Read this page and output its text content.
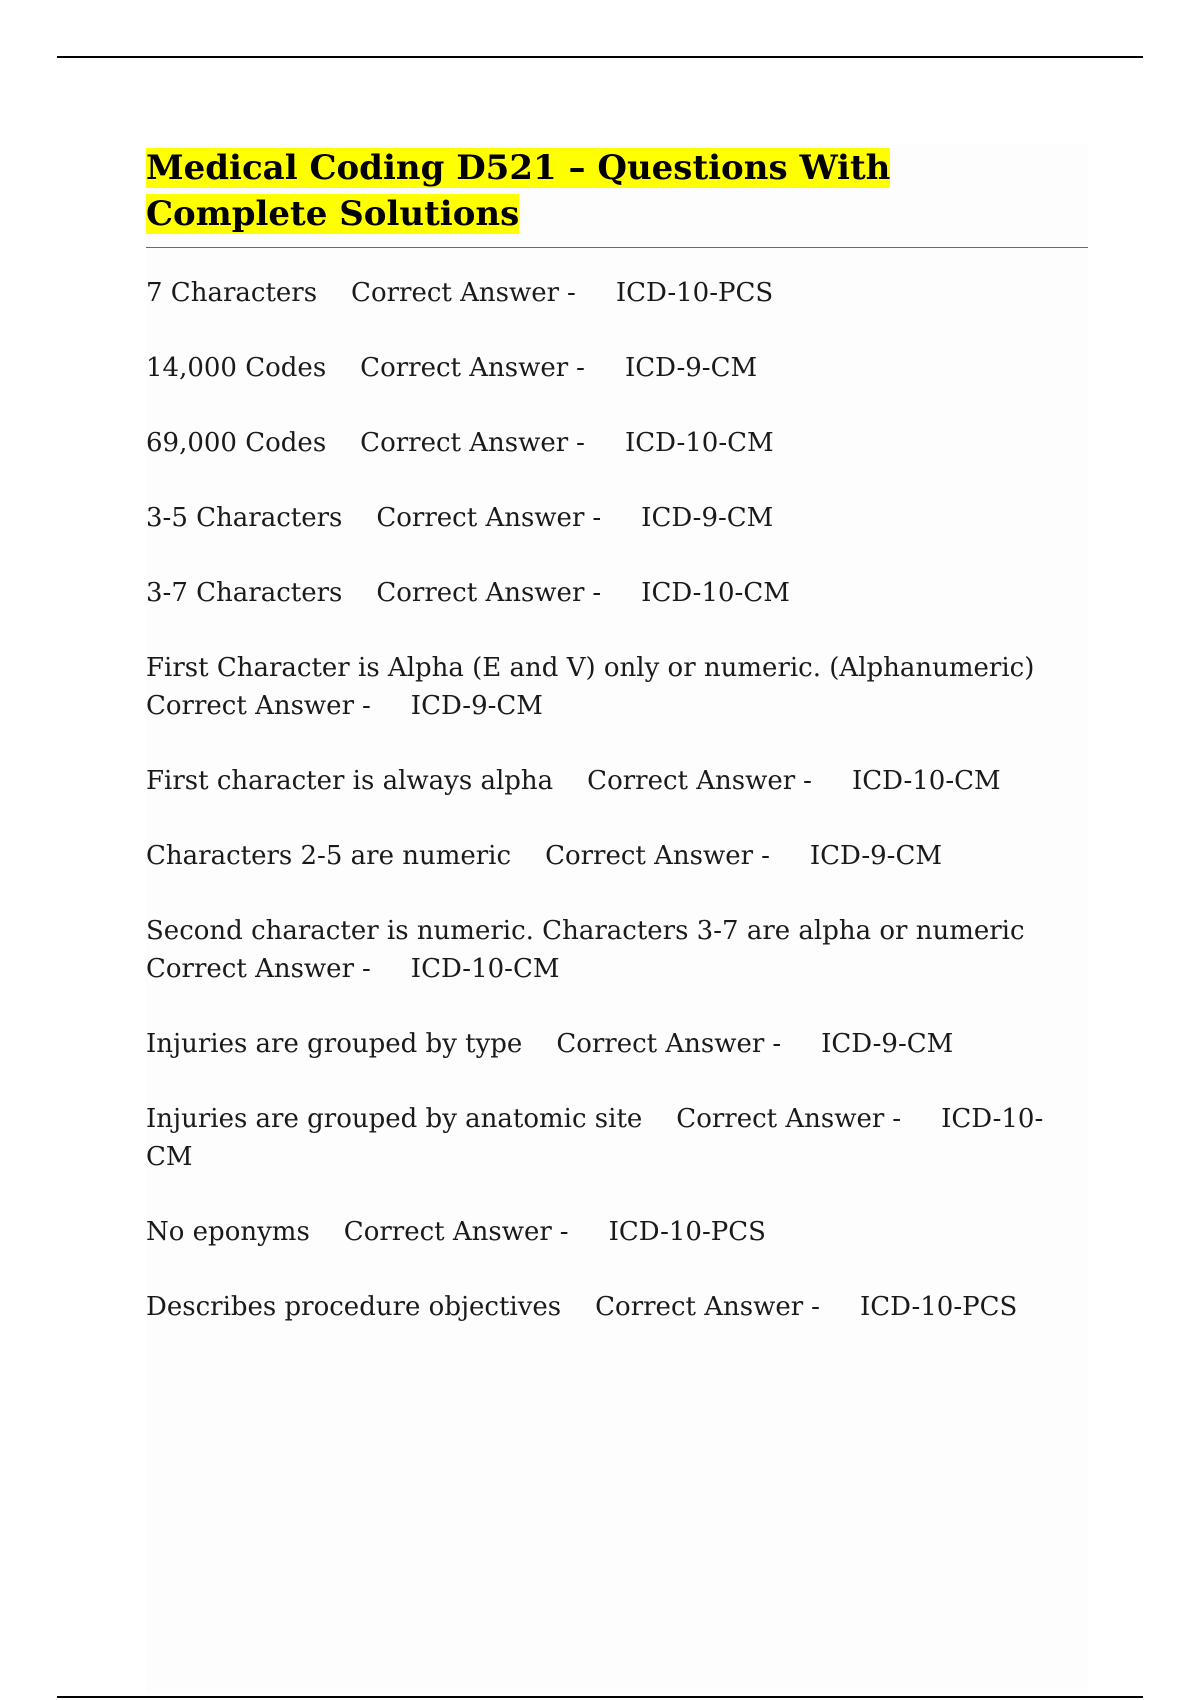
Medical Coding D521 – Questions With Complete Solutions

7 Characters Correct Answer - ICD-10-PCS

14,000 Codes Correct Answer - ICD-9-CM

69,000 Codes Correct Answer - ICD-10-CM

3-5 Characters Correct Answer - ICD-9-CM

3-7 Characters Correct Answer - ICD-10-CM

First Character is Alpha (E and V) only or numeric. (Alphanumeric)
Correct Answer - ICD-9-CM

First character is always alpha Correct Answer - ICD-10-CM

Characters 2-5 are numeric Correct Answer - ICD-9-CM

Second character is numeric. Characters 3-7 are alpha or numeric
Correct Answer - ICD-10-CM

Injuries are grouped by type Correct Answer - ICD-9-CM

Injuries are grouped by anatomic site Correct Answer - ICD-10-CM

No eponyms Correct Answer - ICD-10-PCS

Describes procedure objectives Correct Answer - ICD-10-PCS
